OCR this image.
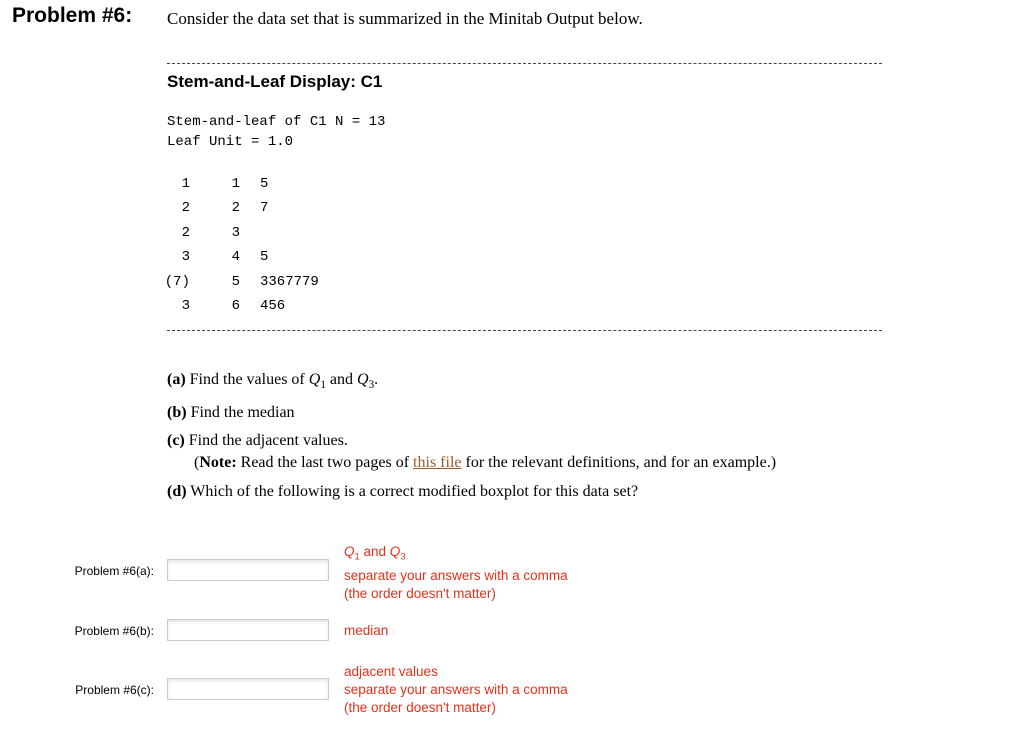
Problem #6: Consider the data set that is summarized in the Minitab Output below.
Stem-and-Leaf Display: C1
Stem-and-leaf of C1 N = 13
Leaf Unit = 1.0
1	1 5
2	2 7
2	3
3	4 5
(7)	5 3367779
3	6 456
(a) Find the values of $Q_1$ and $Q_3$.
(b) Find the median
(c) Find the adjacent values.
(Note: Read the last two pages of this file for the relevant definitions, and for an example.)
(d) Which of the following is a correct modified boxplot for this data set?
Problem #6(a):
$Q_1$ and $Q_3$
separate your answers with a comma
(the order doesn't matter)
Problem #6(b):	median
Problem #6(c):
adjacent values
separate your answers with a comma
(the order doesn't matter)
